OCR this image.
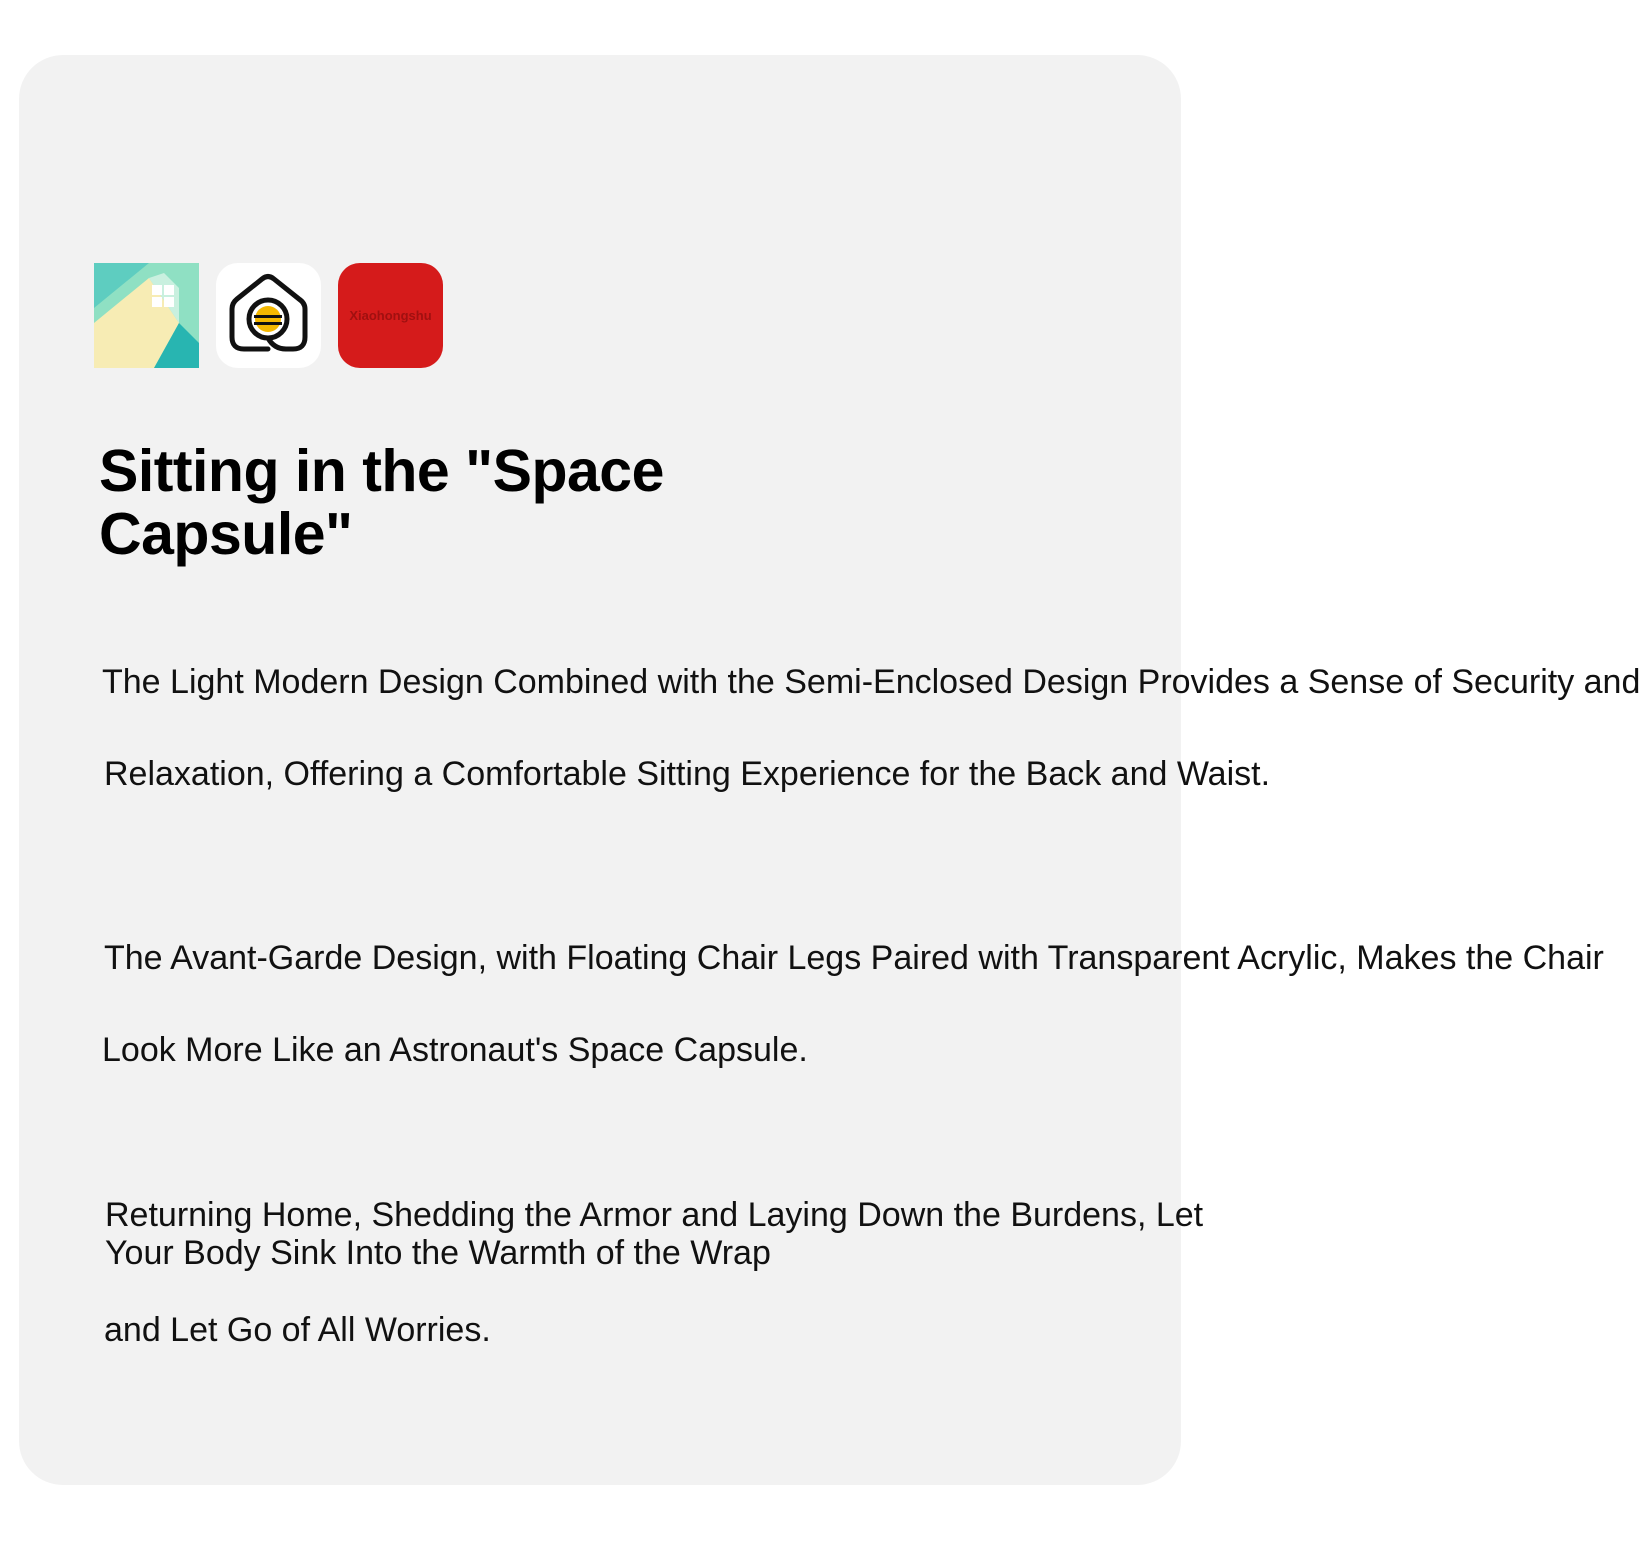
Xiaohongshu
Sitting in the "Space
Capsule"
The Light Modern Design Combined with the Semi-Enclosed Design Provides a Sense of Security and
Relaxation, Offering a Comfortable Sitting Experience for the Back and Waist.
The Avant-Garde Design, with Floating Chair Legs Paired with Transparent Acrylic, Makes the Chair
Look More Like an Astronaut's Space Capsule.
Returning Home, Shedding the Armor and Laying Down the Burdens, Let Your Body Sink Into the Warmth of the Wrap
and Let Go of All Worries.
